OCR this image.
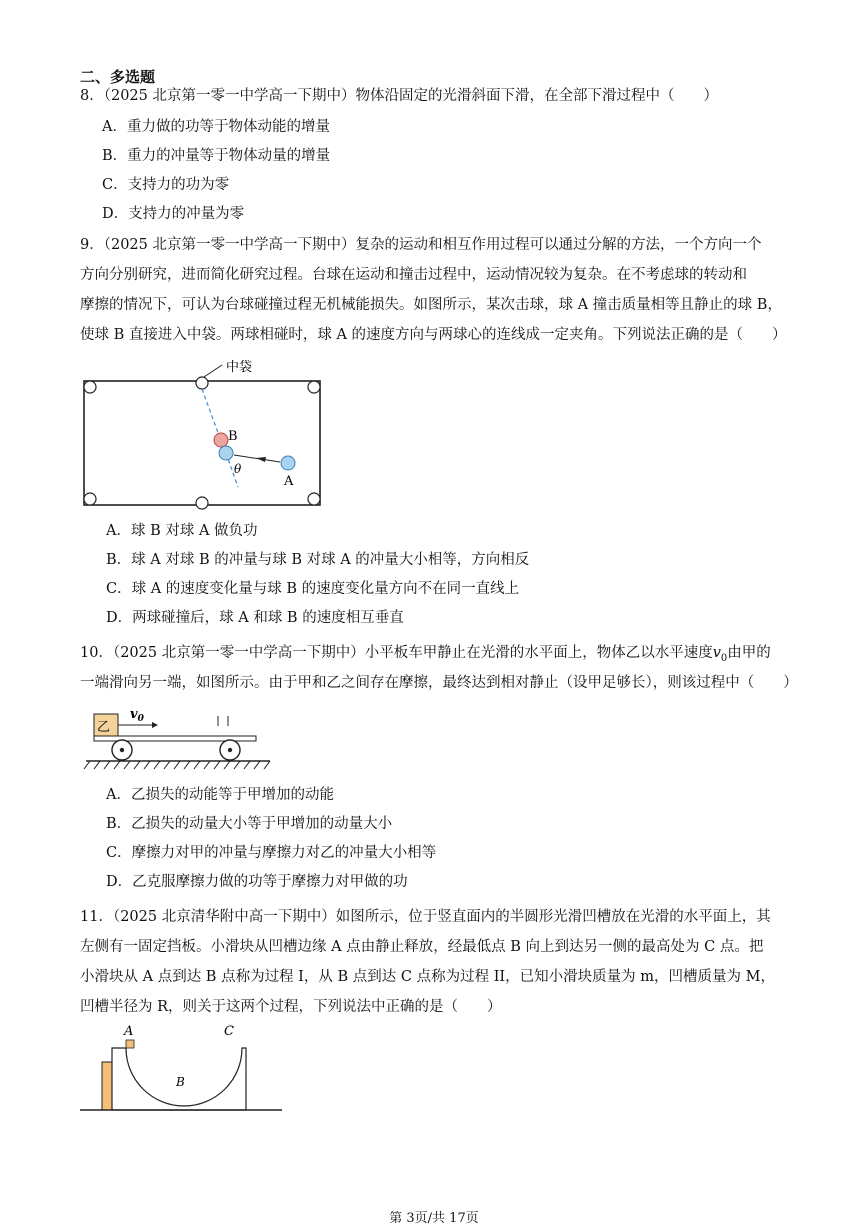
二、多选题
8．（2025 北京第一零一中学高一下期中）物体沿固定的光滑斜面下滑，在全部下滑过程中（　　）
A．重力做的功等于物体动能的增量
B．重力的冲量等于物体动量的增量
C．支持力的功为零
D．支持力的冲量为零
9．（2025 北京第一零一中学高一下期中）复杂的运动和相互作用过程可以通过分解的方法，一个方向一个
方向分别研究，进而简化研究过程。台球在运动和撞击过程中，运动情况较为复杂。在不考虑球的转动和
摩擦的情况下，可认为台球碰撞过程无机械能损失。如图所示，某次击球，球 A 撞击质量相等且静止的球 B，
使球 B 直接进入中袋。两球相碰时，球 A 的速度方向与两球心的连线成一定夹角。下列说法正确的是（　　）
中袋
B
A
θ
A．球 B 对球 A 做负功
B．球 A 对球 B 的冲量与球 B 对球 A 的冲量大小相等，方向相反
C．球 A 的速度变化量与球 B 的速度变化量方向不在同一直线上
D．两球碰撞后，球 A 和球 B 的速度相互垂直
10．（2025 北京第一零一中学高一下期中）小平板车甲静止在光滑的水平面上，物体乙以水平速度$v_0$由甲的
一端滑向另一端，如图所示。由于甲和乙之间存在摩擦，最终达到相对静止（设甲足够长），则该过程中（　　）
乙
$v_0$
A．乙损失的动能等于甲增加的动能
B．乙损失的动量大小等于甲增加的动量大小
C．摩擦力对甲的冲量与摩擦力对乙的冲量大小相等
D．乙克服摩擦力做的功等于摩擦力对甲做的功
11．（2025 北京清华附中高一下期中）如图所示，位于竖直面内的半圆形光滑凹槽放在光滑的水平面上，其
左侧有一固定挡板。小滑块从凹槽边缘 A 点由静止释放，经最低点 B 向上到达另一侧的最高处为 C 点。把
小滑块从 A 点到达 B 点称为过程 I，从 B 点到达 C 点称为过程 II，已知小滑块质量为 m，凹槽质量为 M，
凹槽半径为 R，则关于这两个过程，下列说法中正确的是（　　）
A
B
C
第 3页/共 17页
